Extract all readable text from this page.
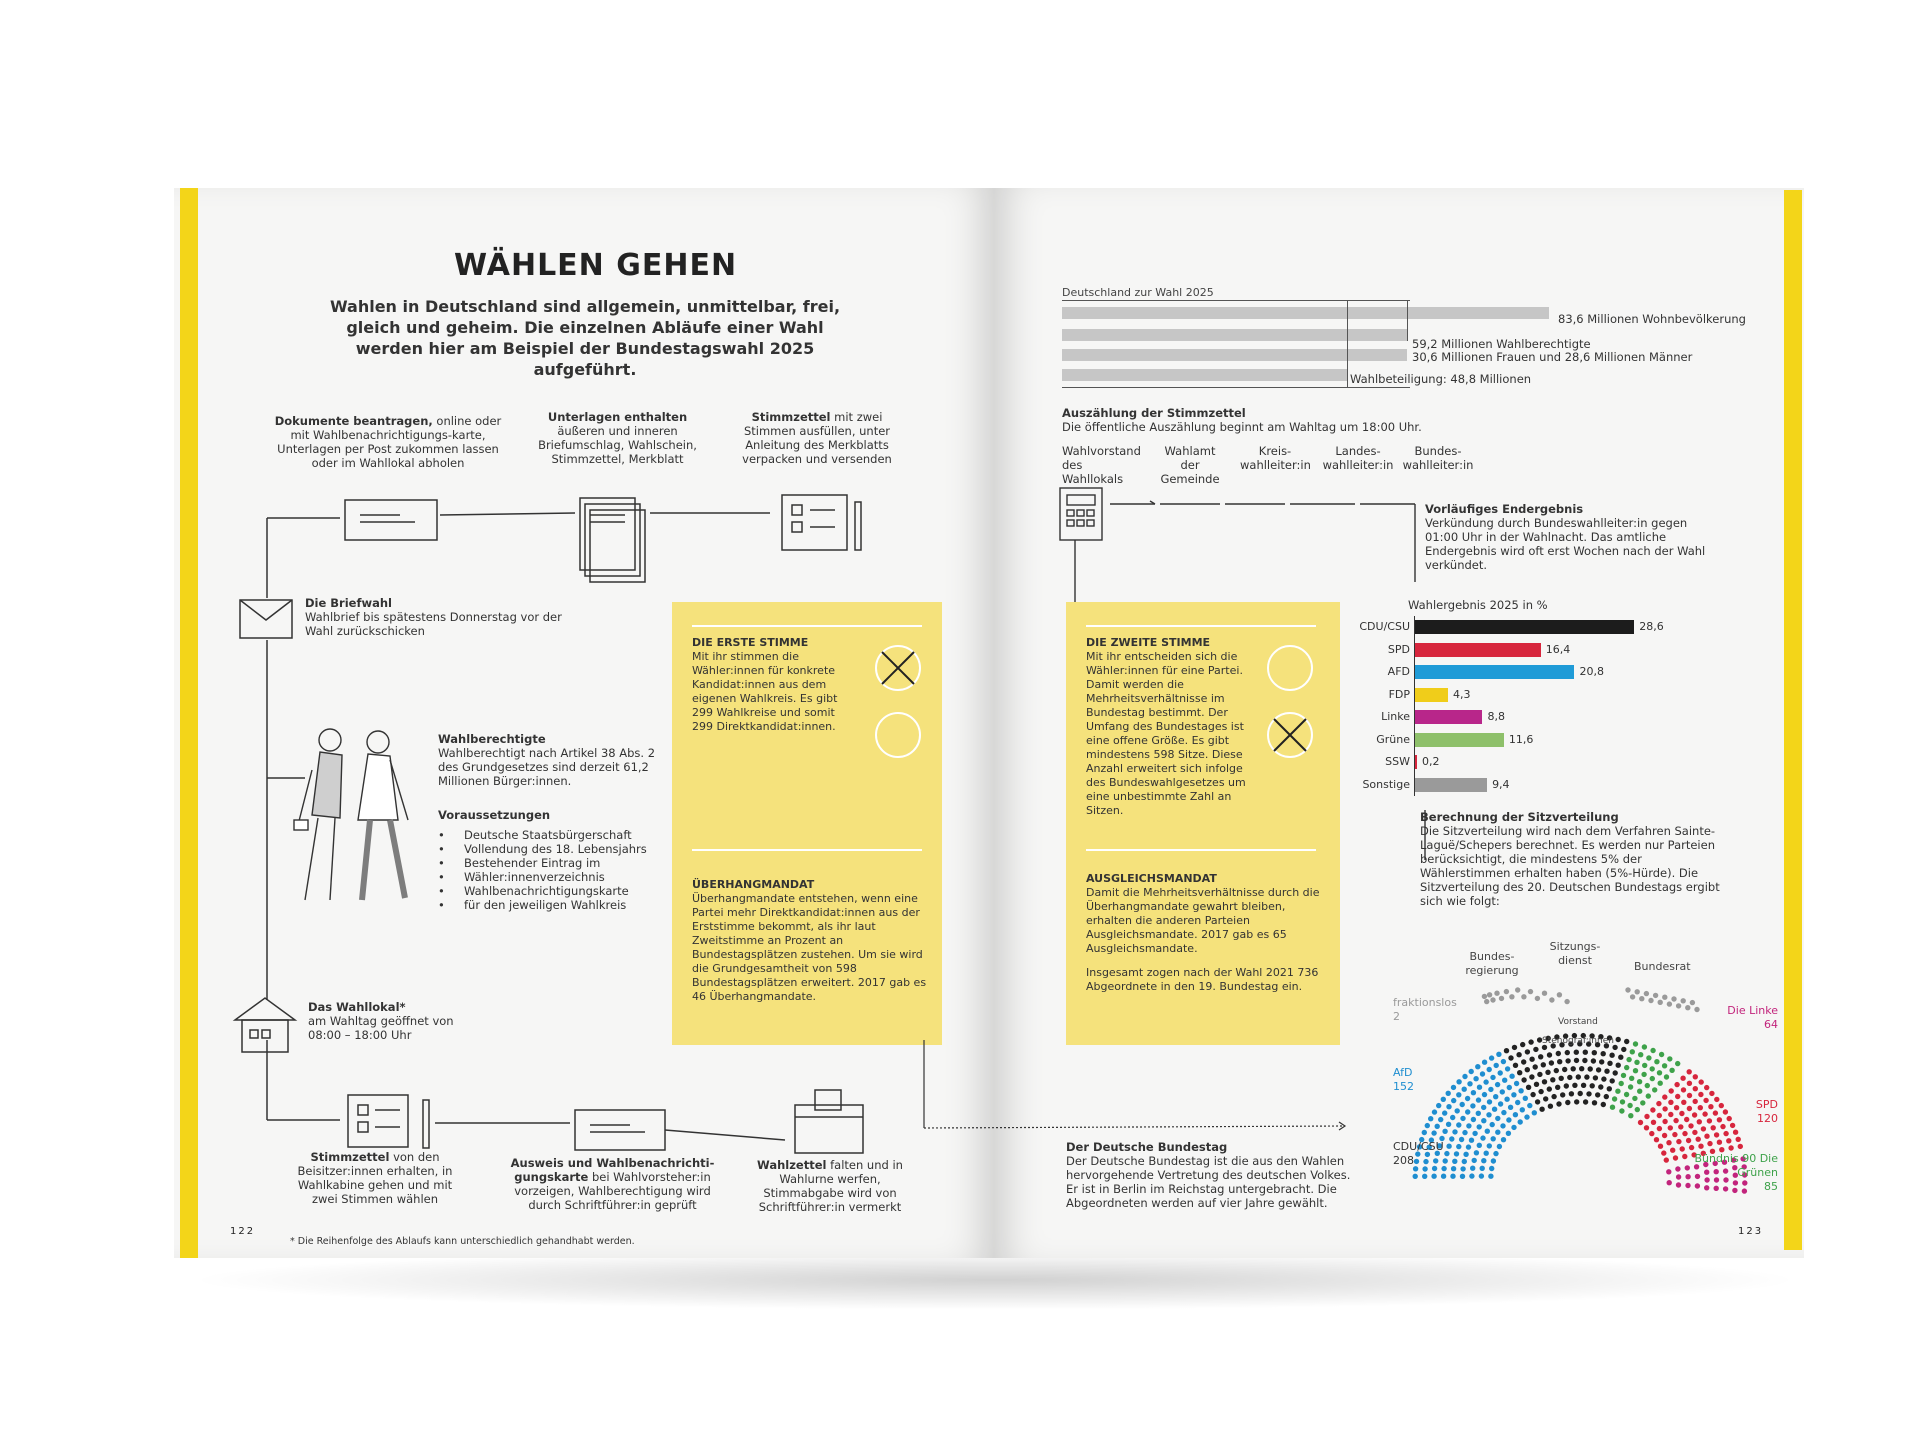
WÄHLEN GEHEN
Wahlen in Deutschland sind allgemein, unmittelbar, frei, gleich und geheim. Die einzelnen Abläufe einer Wahl werden hier am Beispiel der Bundestagswahl 2025 aufgeführt.
Dokumente beantragen, online oder mit Wahlbenachrichtigungs-karte, Unterlagen per Post zukommen lassen oder im Wahllokal abholen
Unterlagen enthalten äußeren und inneren Briefumschlag, Wahlschein, Stimmzettel, Merkblatt
Stimmzettel mit zwei Stimmen ausfüllen, unter Anleitung des Merkblatts verpacken und versenden
Die Briefwahl
Wahlbrief bis spätestens Donnerstag vor der Wahl zurückschicken
Wahlberechtigte
Wahlberechtigt nach Artikel 38 Abs. 2 des Grundgesetzes sind derzeit 61,2 Millionen Bürger:innen.
Voraussetzungen
• Deutsche Staatsbürgerschaft
• Vollendung des 18. Lebensjahrs
• Bestehender Eintrag im
• Wähler:innenverzeichnis
• Wahlbenachrichtigungskarte
• für den jeweiligen Wahlkreis
Das Wahllokal*
am Wahltag geöffnet von 08:00 – 18:00 Uhr
Stimmzettel von den Beisitzer:innen erhalten, in Wahlkabine gehen und mit zwei Stimmen wählen
Ausweis und Wahlbenachrichti-gungskarte bei Wahlvorsteher:in vorzeigen, Wahlberechtigung wird durch Schriftführer:in geprüft
Wahlzettel falten und in Wahlurne werfen, Stimmabgabe wird von Schriftführer:in vermerkt
122
* Die Reihenfolge des Ablaufs kann unterschiedlich gehandhabt werden.
DIE ERSTE STIMME
Mit ihr stimmen die Wähler:innen für konkrete Kandidat:innen aus dem eigenen Wahlkreis. Es gibt 299 Wahlkreise und somit 299 Direktkandidat:innen.
ÜBERHANGMANDAT
Überhangmandate entstehen, wenn eine Partei mehr Direktkandidat:innen aus der Erststimme bekommt, als ihr laut Zweitstimme an Prozent an Bundestagsplätzen zustehen. Um sie wird die Grundgesamtheit von 598 Bundestagsplätzen erweitert. 2017 gab es 46 Überhangmandate.
Deutschland zur Wahl 2025
83,6 Millionen Wohnbevölkerung
59,2 Millionen Wahlberechtigte
30,6 Millionen Frauen und 28,6 Millionen Männer
Wahlbeteiligung: 48,8 Millionen
Auszählung der Stimmzettel
Die öffentliche Auszählung beginnt am Wahltag um 18:00 Uhr.
Wahlvorstand des Wahllokals
Wahlamt der Gemeinde
Kreis-wahlleiter:in
Landes-wahlleiter:in
Bundes-wahlleiter:in
Vorläufiges Endergebnis
Verkündung durch Bundeswahlleiter:in gegen 01:00 Uhr in der Wahlnacht. Das amtliche Endergebnis wird oft erst Wochen nach der Wahl verkündet.
DIE ZWEITE STIMME
Mit ihr entscheiden sich die Wähler:innen für eine Partei. Damit werden die Mehrheitsverhältnisse im Bundestag bestimmt. Der Umfang des Bundestages ist eine offene Größe. Es gibt mindestens 598 Sitze. Diese Anzahl erweitert sich infolge des Bundeswahlgesetzes um eine unbestimmte Zahl an Sitzen.
AUSGLEICHSMANDAT
Damit die Mehrheitsverhältnisse durch die Überhangmandate gewahrt bleiben, erhalten die anderen Parteien Ausgleichsmandate. 2017 gab es 65 Ausgleichsmandate.
Insgesamt zogen nach der Wahl 2021 736 Abgeordnete in den 19. Bundestag ein.
Der Deutsche Bundestag
Der Deutsche Bundestag ist die aus den Wahlen hervorgehende Vertretung des deutschen Volkes. Er ist in Berlin im Reichstag untergebracht. Die Abgeordneten werden auf vier Jahre gewählt.
Wahlergebnis 2025 in %
CDU/CSU	28,6
SPD	16,4
AFD	20,8
FDP	4,3
Linke	8,8
Grüne	11,6
SSW 0,2
Sonstige	9,4
Berechnung der Sitzverteilung
Die Sitzverteilung wird nach dem Verfahren Sainte-Laguë/Schepers berechnet. Es werden nur Parteien berücksichtigt, die mindestens 5% der Wählerstimmen erhalten haben (5%-Hürde). Die Sitzverteilung des 20. Deutschen Bundestags ergibt sich wie folgt:
Bundes-regierung
Sitzungs-dienst	Bundesrat
Vorstand
Stenograf:innen
fraktionslos
2	Die Linke
64
AfD
152
SPD
120
CDU/CSU
208	Bündnis 90 Die Grünen
85
123
